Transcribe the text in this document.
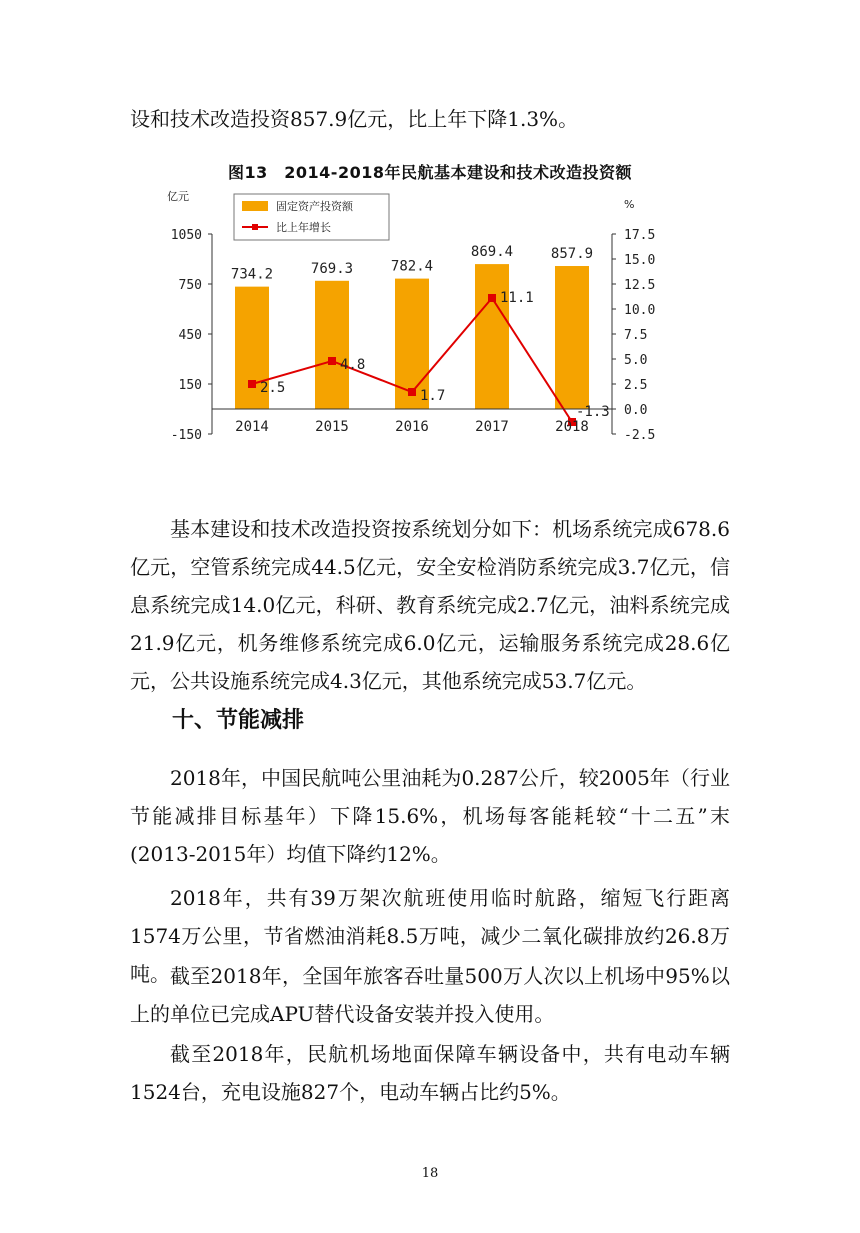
设和技术改造投资857.9亿元，比上年下降1.3%。

图13　2014-2018年民航基本建设和技术改造投资额
734.2	769.3	782.4
869.4	857.9
2.5
4.8
1.7
11.1
-1.3
1050
750
450
150
-150
亿元
17.5
15.0
12.5
10.0
7.5
5.0
2.5
0.0
-2.5
%
2014	2015	2016	2017	2018
固定资产投资额
比上年增长

基本建设和技术改造投资按系统划分如下：机场系统完成678.6亿元，空管系统完成44.5亿元，安全安检消防系统完成3.7亿元，信息系统完成14.0亿元，科研、教育系统完成2.7亿元，油料系统完成21.9亿元，机务维修系统完成6.0亿元，运输服务系统完成28.6亿元，公共设施系统完成4.3亿元，其他系统完成53.7亿元。

十、节能减排

2018年，中国民航吨公里油耗为0.287公斤，较2005年（行业节能减排目标基年）下降15.6%，机场每客能耗较“十二五”末(2013-2015年）均值下降约12%。

2018年，共有39万架次航班使用临时航路，缩短飞行距离1574万公里，节省燃油消耗8.5万吨，减少二氧化碳排放约26.8万吨。 截至2018年，全国年旅客吞吐量500万人次以上机场中95%以上的单位已完成APU替代设备安装并投入使用。

截至2018年，民航机场地面保障车辆设备中，共有电动车辆1524台，充电设施827个，电动车辆占比约5%。

18
